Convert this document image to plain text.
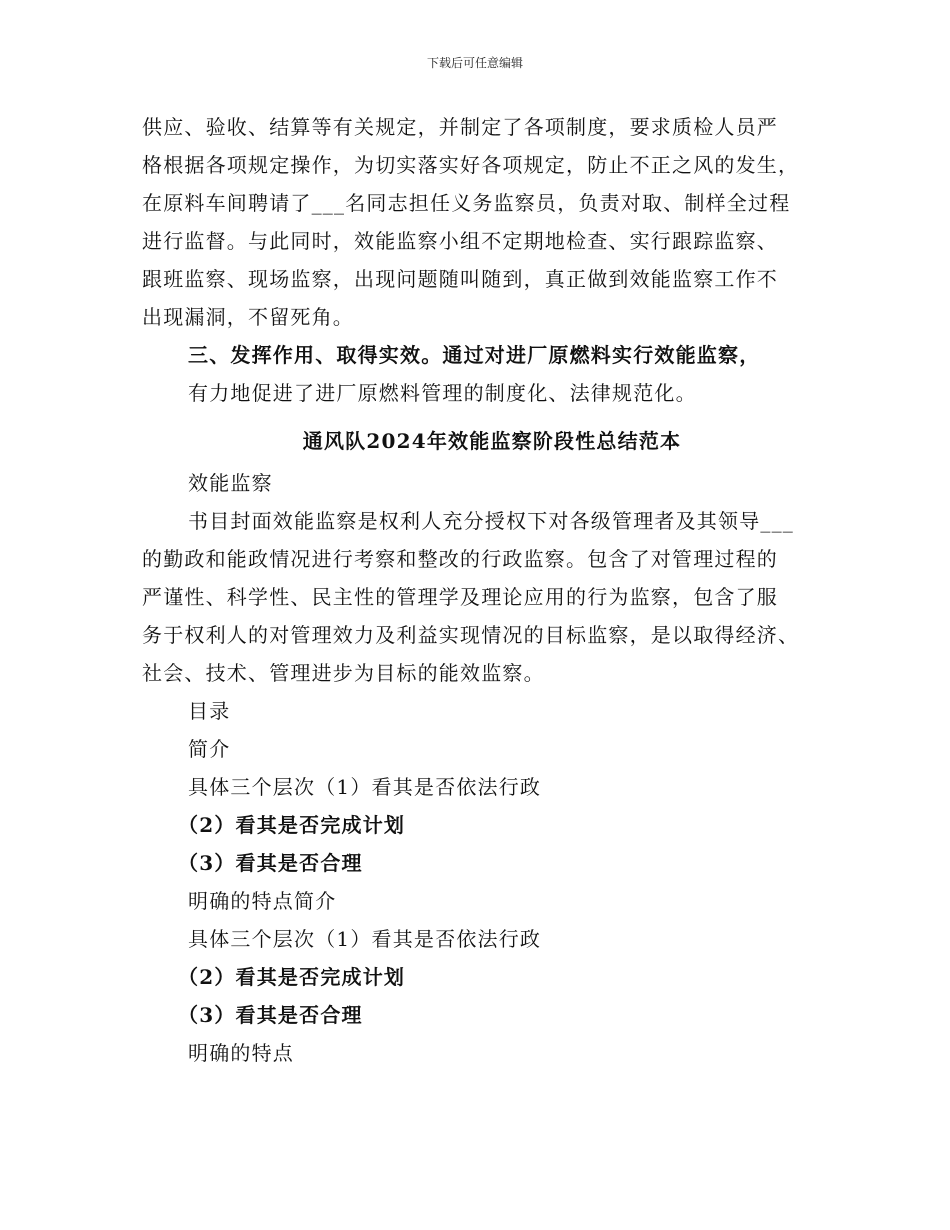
下载后可任意编辑
供应、验收、结算等有关规定，并制定了各项制度，要求质检人员严
格根据各项规定操作，为切实落实好各项规定，防止不正之风的发生，
在原料车间聘请了___名同志担任义务监察员，负责对取、制样全过程
进行监督。与此同时，效能监察小组不定期地检查、实行跟踪监察、
跟班监察、现场监察，出现问题随叫随到，真正做到效能监察工作不
出现漏洞，不留死角。
三、发挥作用、取得实效。通过对进厂原燃料实行效能监察，
有力地促进了进厂原燃料管理的制度化、法律规范化。
通风队2024年效能监察阶段性总结范本
效能监察
书目封面效能监察是权利人充分授权下对各级管理者及其领导___
的勤政和能政情况进行考察和整改的行政监察。包含了对管理过程的
严谨性、科学性、民主性的管理学及理论应用的行为监察，包含了服
务于权利人的对管理效力及利益实现情况的目标监察，是以取得经济、
社会、技术、管理进步为目标的能效监察。
目录
简介
具体三个层次（1）看其是否依法行政
（2）看其是否完成计划
（3）看其是否合理
明确的特点简介
具体三个层次（1）看其是否依法行政
（2）看其是否完成计划
（3）看其是否合理
明确的特点
